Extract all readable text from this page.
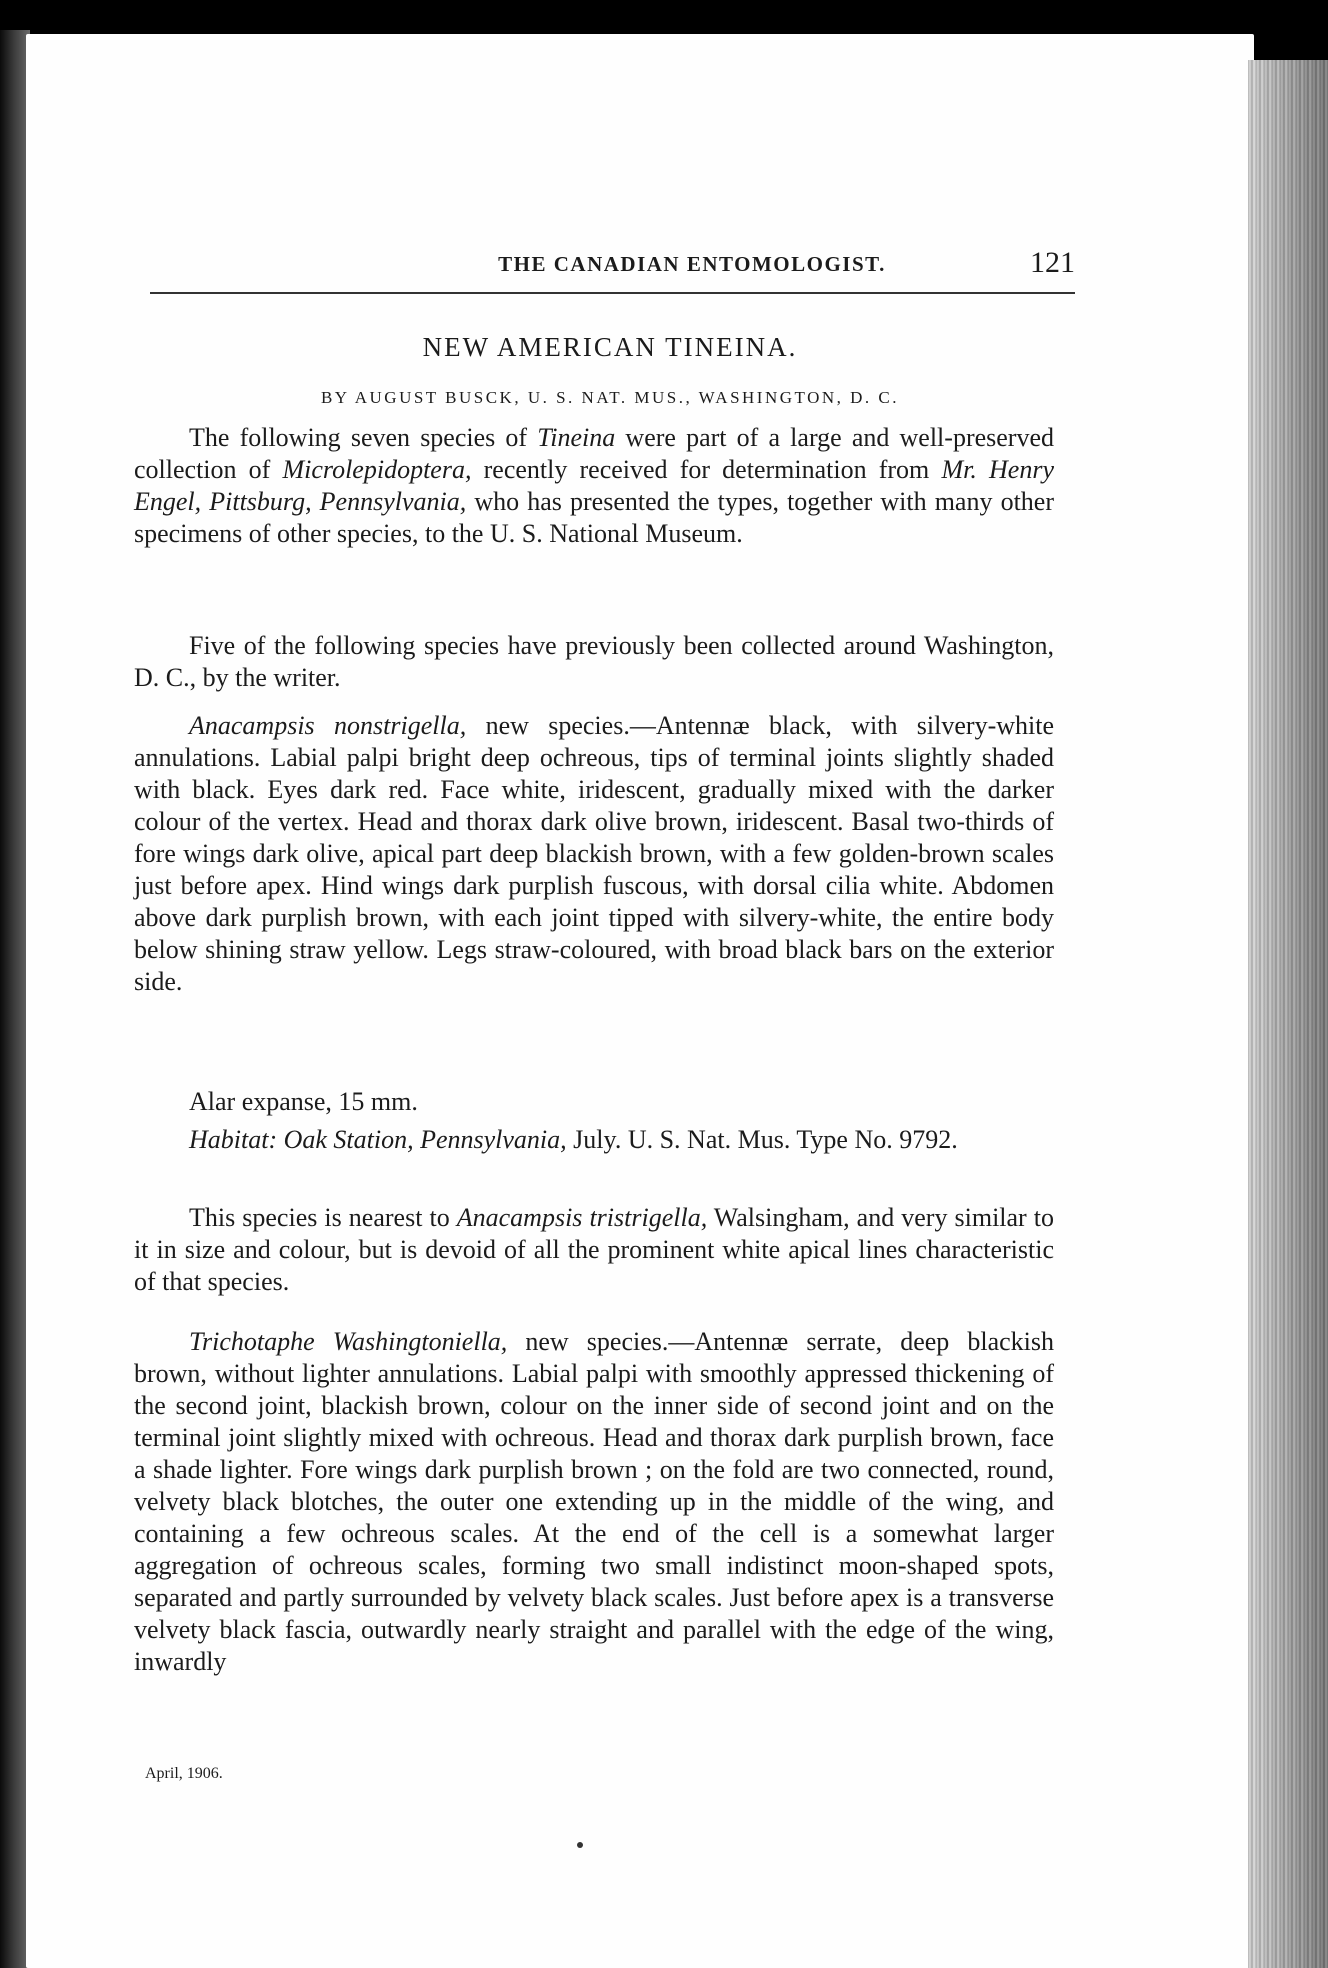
THE CANADIAN ENTOMOLOGIST.	121
NEW AMERICAN TINEINA.
BY AUGUST BUSCK, U. S. NAT. MUS., WASHINGTON, D. C.

The following seven species of Tineina were part of a large and well-preserved collection of Microlepidoptera, recently received for determination from Mr. Henry Engel, Pittsburg, Pennsylvania, who has presented the types, together with many other specimens of other species, to the U. S. National Museum.

Five of the following species have previously been collected around Washington, D. C., by the writer.

Anacampsis nonstrigella, new species.—Antennæ black, with silvery-white annulations. Labial palpi bright deep ochreous, tips of terminal joints slightly shaded with black. Eyes dark red. Face white, iridescent, gradually mixed with the darker colour of the vertex. Head and thorax dark olive brown, iridescent. Basal two-thirds of fore wings dark olive, apical part deep blackish brown, with a few golden-brown scales just before apex. Hind wings dark purplish fuscous, with dorsal cilia white. Abdomen above dark purplish brown, with each joint tipped with silvery-white, the entire body below shining straw yellow. Legs straw-coloured, with broad black bars on the exterior side.

Alar expanse, 15 mm.

Habitat: Oak Station, Pennsylvania, July. U. S. Nat. Mus. Type No. 9792.

This species is nearest to Anacampsis tristrigella, Walsingham, and very similar to it in size and colour, but is devoid of all the prominent white apical lines characteristic of that species.

Trichotaphe Washingtoniella, new species.—Antennæ serrate, deep blackish brown, without lighter annulations. Labial palpi with smoothly appressed thickening of the second joint, blackish brown, colour on the inner side of second joint and on the terminal joint slightly mixed with ochreous. Head and thorax dark purplish brown, face a shade lighter. Fore wings dark purplish brown ; on the fold are two connected, round, velvety black blotches, the outer one extending up in the middle of the wing, and containing a few ochreous scales. At the end of the cell is a somewhat larger aggregation of ochreous scales, forming two small indistinct moon-shaped spots, separated and partly surrounded by velvety black scales. Just before apex is a transverse velvety black fascia, outwardly nearly straight and parallel with the edge of the wing, inwardly

April, 1906.
